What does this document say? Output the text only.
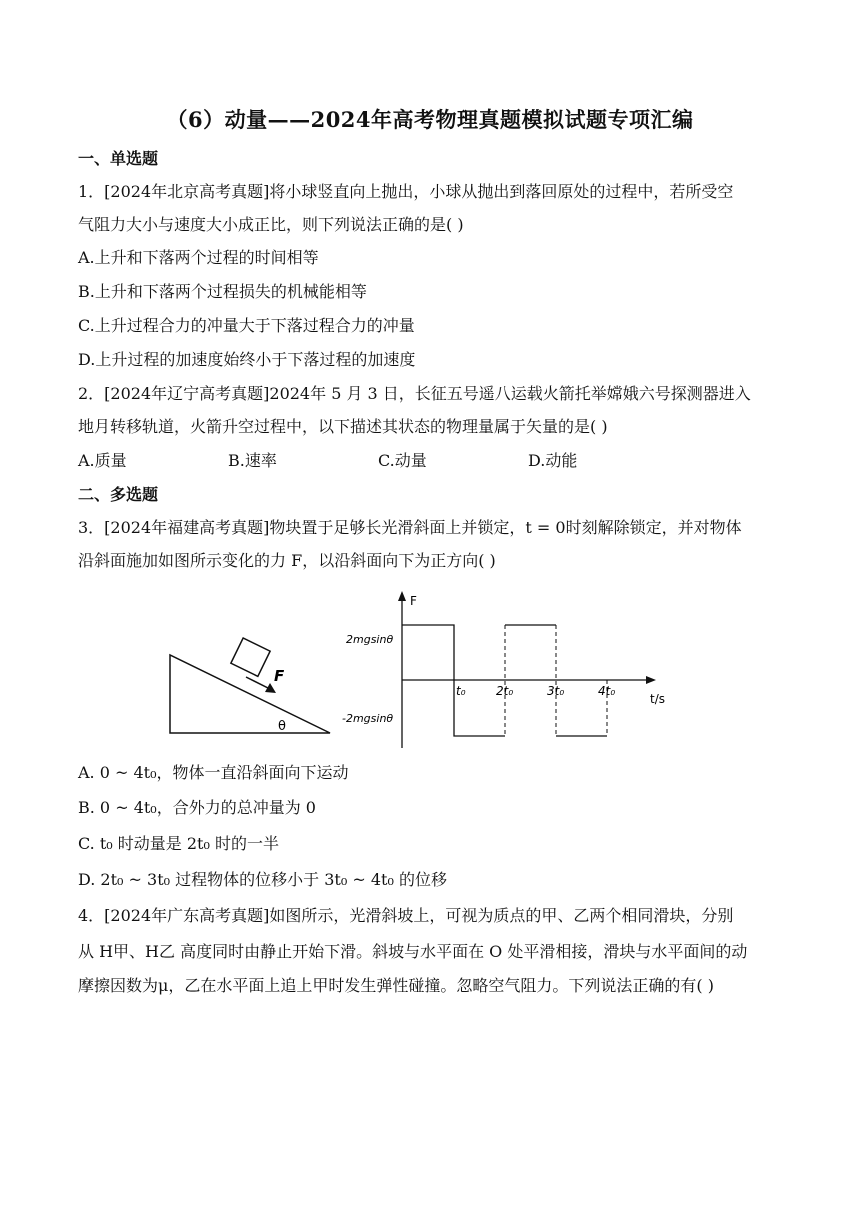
（6）动量——2024年高考物理真题模拟试题专项汇编
一、单选题
1．[2024年北京高考真题]将小球竖直向上抛出，小球从抛出到落回原处的过程中，若所受空
气阻力大小与速度大小成正比，则下列说法正确的是( )
A.上升和下落两个过程的时间相等
B.上升和下落两个过程损失的机械能相等
C.上升过程合力的冲量大于下落过程合力的冲量
D.上升过程的加速度始终小于下落过程的加速度
2．[2024年辽宁高考真题]2024年 5 月 3 日，长征五号遥八运载火箭托举嫦娥六号探测器进入
地月转移轨道，火箭升空过程中，以下描述其状态的物理量属于矢量的是( )
A.质量	B.速率	C.动量	D.动能
二、多选题
3．[2024年福建高考真题]物块置于足够长光滑斜面上并锁定，t = 0时刻解除锁定，并对物体
沿斜面施加如图所示变化的力 F，以沿斜面向下为正方向( )
F
θ
F
t/s
2mgsinθ
-2mgsinθ
t₀	2t₀	3t₀	4t₀
A. 0 ~ 4t₀，物体一直沿斜面向下运动
B. 0 ~ 4t₀，合外力的总冲量为 0
C. t₀ 时动量是 2t₀ 时的一半
D. 2t₀ ~ 3t₀ 过程物体的位移小于 3t₀ ~ 4t₀ 的位移
4．[2024年广东高考真题]如图所示，光滑斜坡上，可视为质点的甲、乙两个相同滑块，分别
从 H甲、H乙 高度同时由静止开始下滑。斜坡与水平面在 O 处平滑相接，滑块与水平面间的动
摩擦因数为μ，乙在水平面上追上甲时发生弹性碰撞。忽略空气阻力。下列说法正确的有( )
